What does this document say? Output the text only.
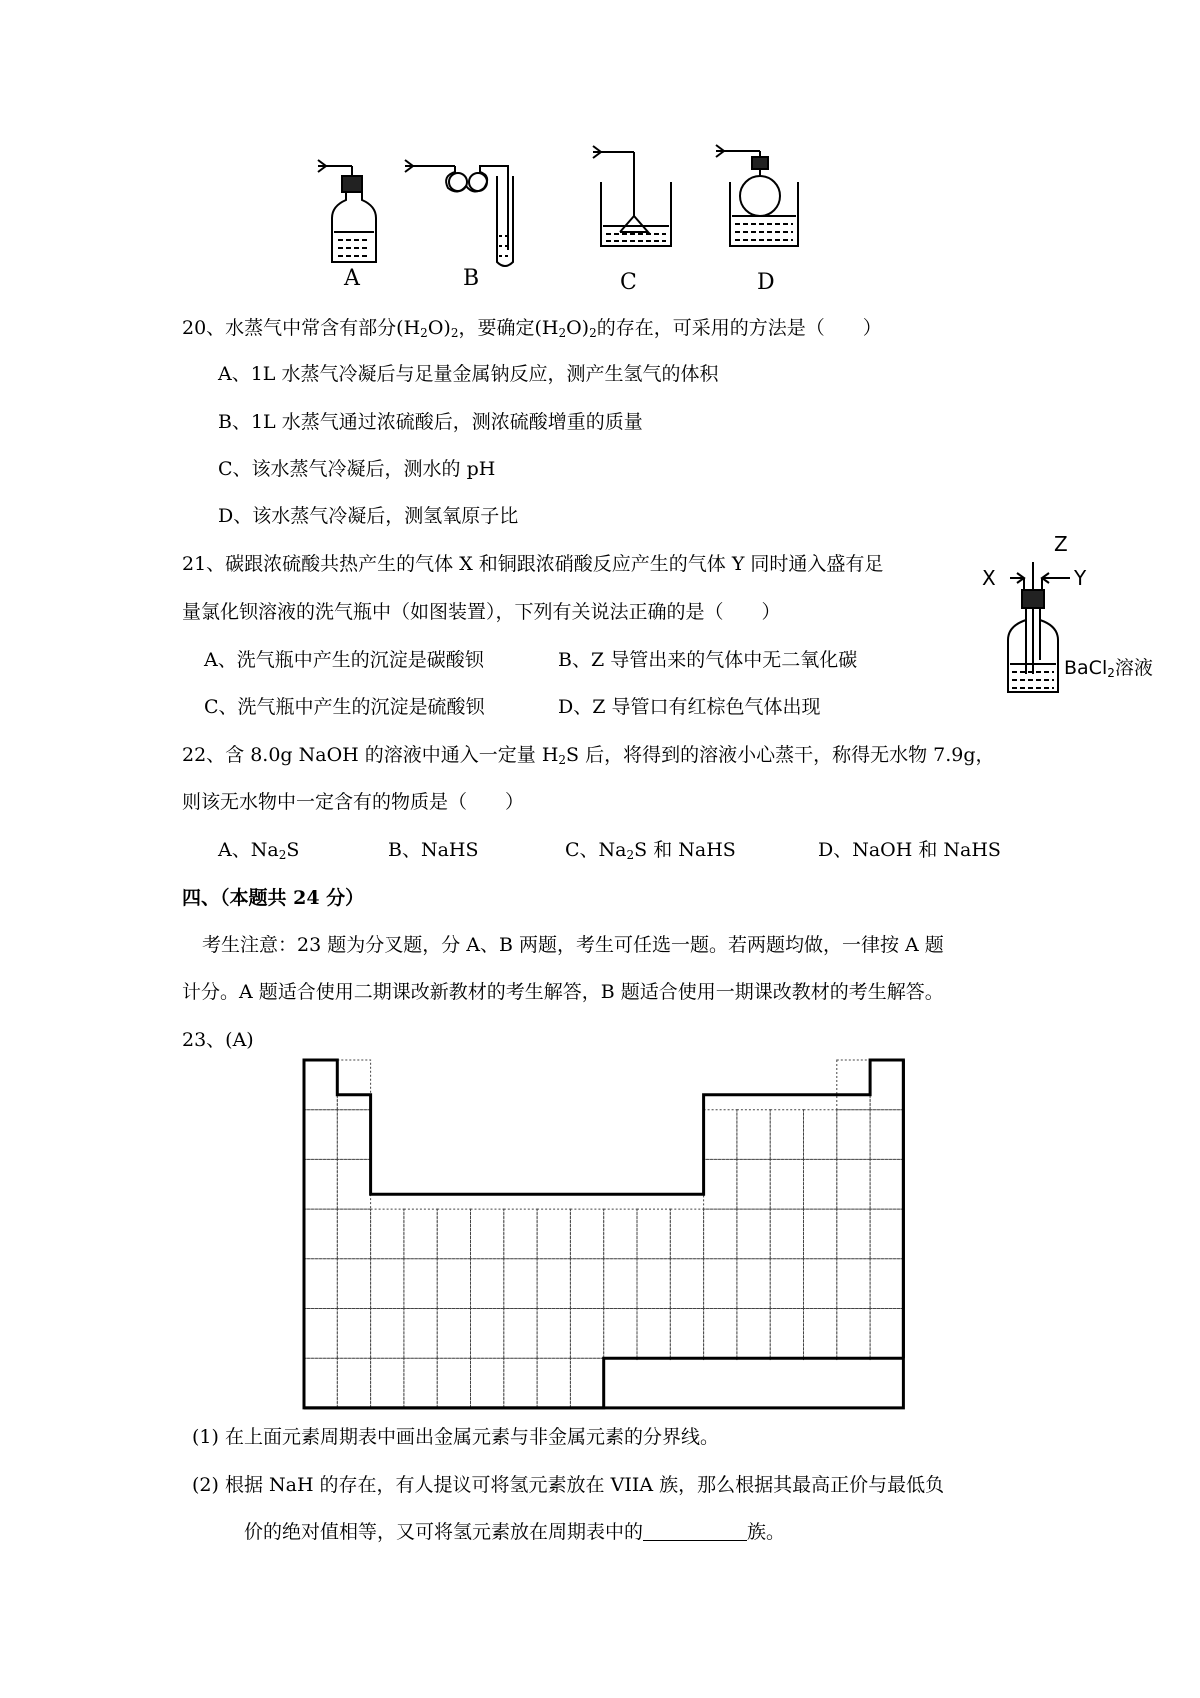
A	B	C	D
20、水蒸气中常含有部分$(H_2O)_2$，要确定$(H_2O)_2$的存在，可采用的方法是（　　）
A、1L 水蒸气冷凝后与足量金属钠反应，测产生氢气的体积
B、1L 水蒸气通过浓硫酸后，测浓硫酸增重的质量
C、该水蒸气冷凝后，测水的 pH
D、该水蒸气冷凝后，测氢氧原子比
21、碳跟浓硫酸共热产生的气体 X 和铜跟浓硝酸反应产生的气体 Y 同时通入盛有足
量氯化钡溶液的洗气瓶中（如图装置），下列有关说法正确的是（　　）
A、洗气瓶中产生的沉淀是碳酸钡	B、Z 导管出来的气体中无二氧化碳
C、洗气瓶中产生的沉淀是硫酸钡	D、Z 导管口有红棕色气体出现
Z
X	Y
BaCl$_2$溶液
22、含 8.0g NaOH 的溶液中通入一定量 $H_2S$ 后，将得到的溶液小心蒸干，称得无水物 7.9g，
则该无水物中一定含有的物质是（　　）
A、$Na_2S$	B、NaHS	C、$Na_2S$ 和 NaHS	D、NaOH 和 NaHS
四、（本题共 24 分）
考生注意：23 题为分叉题，分 A、B 两题，考生可任选一题。若两题均做，一律按 A 题
计分。A 题适合使用二期课改新教材的考生解答，B 题适合使用一期课改教材的考生解答。
23、(A)
(1) 在上面元素周期表中画出金属元素与非金属元素的分界线。
(2) 根据 NaH 的存在，有人提议可将氢元素放在 VIIA 族，那么根据其最高正价与最低负
价的绝对值相等，又可将氢元素放在周期表中的	族。
